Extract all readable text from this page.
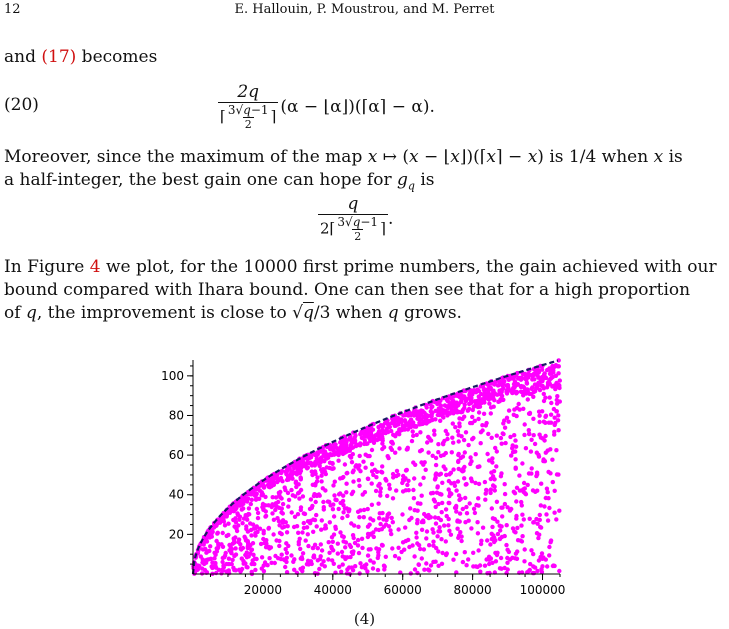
12	E. Hallouin, P. Moustrou, and M. Perret
and (17) becomes
(20)	$\frac{2q}{⌈ \frac{3√q-1}{2} ⌉} (\alpha$ − ⌊α⌋)(⌈α⌉ − α).
Moreover, since the maximum of the map x ↦ (x − ⌊x⌋)(⌈x⌉ − x) is 1/4 when x is
a half-integer, the best gain one can hope for $g_q$ is
$\frac{q}{2⌈ \frac{3√q-1}{2} ⌉}$ .
In Figure 4 we plot, for the 10000 first prime numbers, the gain achieved with our
bound compared with Ihara bound. One can then see that for a high proportion
of q, the improvement is close to √q/3 when q grows.
20000	40000	60000	80000 100000
20
40
60
80
100
(4)
